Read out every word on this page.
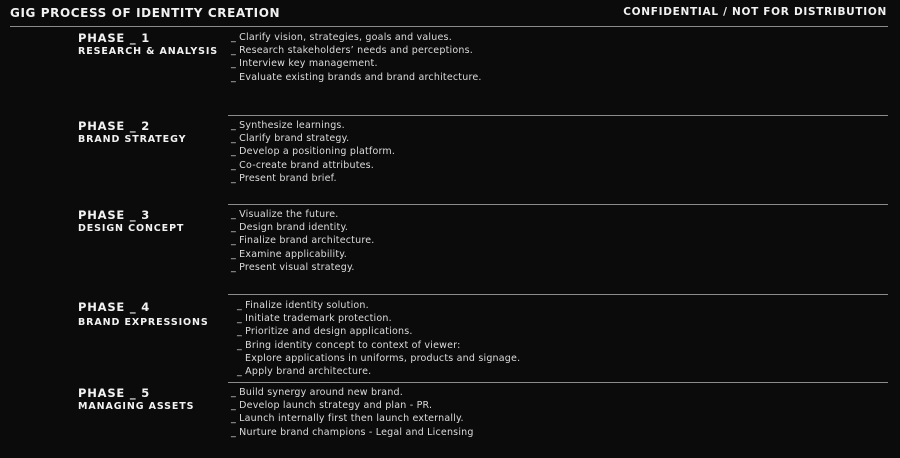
GIG PROCESS OF IDENTITY CREATION	CONFIDENTIAL / NOT FOR DISTRIBUTION
PHASE _ 1
RESEARCH & ANALYSIS
_ Clarify vision, strategies, goals and values.
_ Research stakeholders’ needs and perceptions.
_ Interview key management.
_ Evaluate existing brands and brand architecture.
PHASE _ 2
BRAND STRATEGY
_ Synthesize learnings.
_ Clarify brand strategy.
_ Develop a positioning platform.
_ Co-create brand attributes.
_ Present brand brief.
PHASE _ 3
DESIGN CONCEPT
_ Visualize the future.
_ Design brand identity.
_ Finalize brand architecture.
_ Examine applicability.
_ Present visual strategy.
PHASE _ 4
BRAND EXPRESSIONS
_ Finalize identity solution.
_ Initiate trademark protection.
_ Prioritize and design applications.
_ Bring identity concept to context of viewer:
Explore applications in uniforms, products and signage.
_ Apply brand architecture.
PHASE _ 5
MANAGING ASSETS
_ Build synergy around new brand.
_ Develop launch strategy and plan - PR.
_ Launch internally first then launch externally.
_ Nurture brand champions - Legal and Licensing
